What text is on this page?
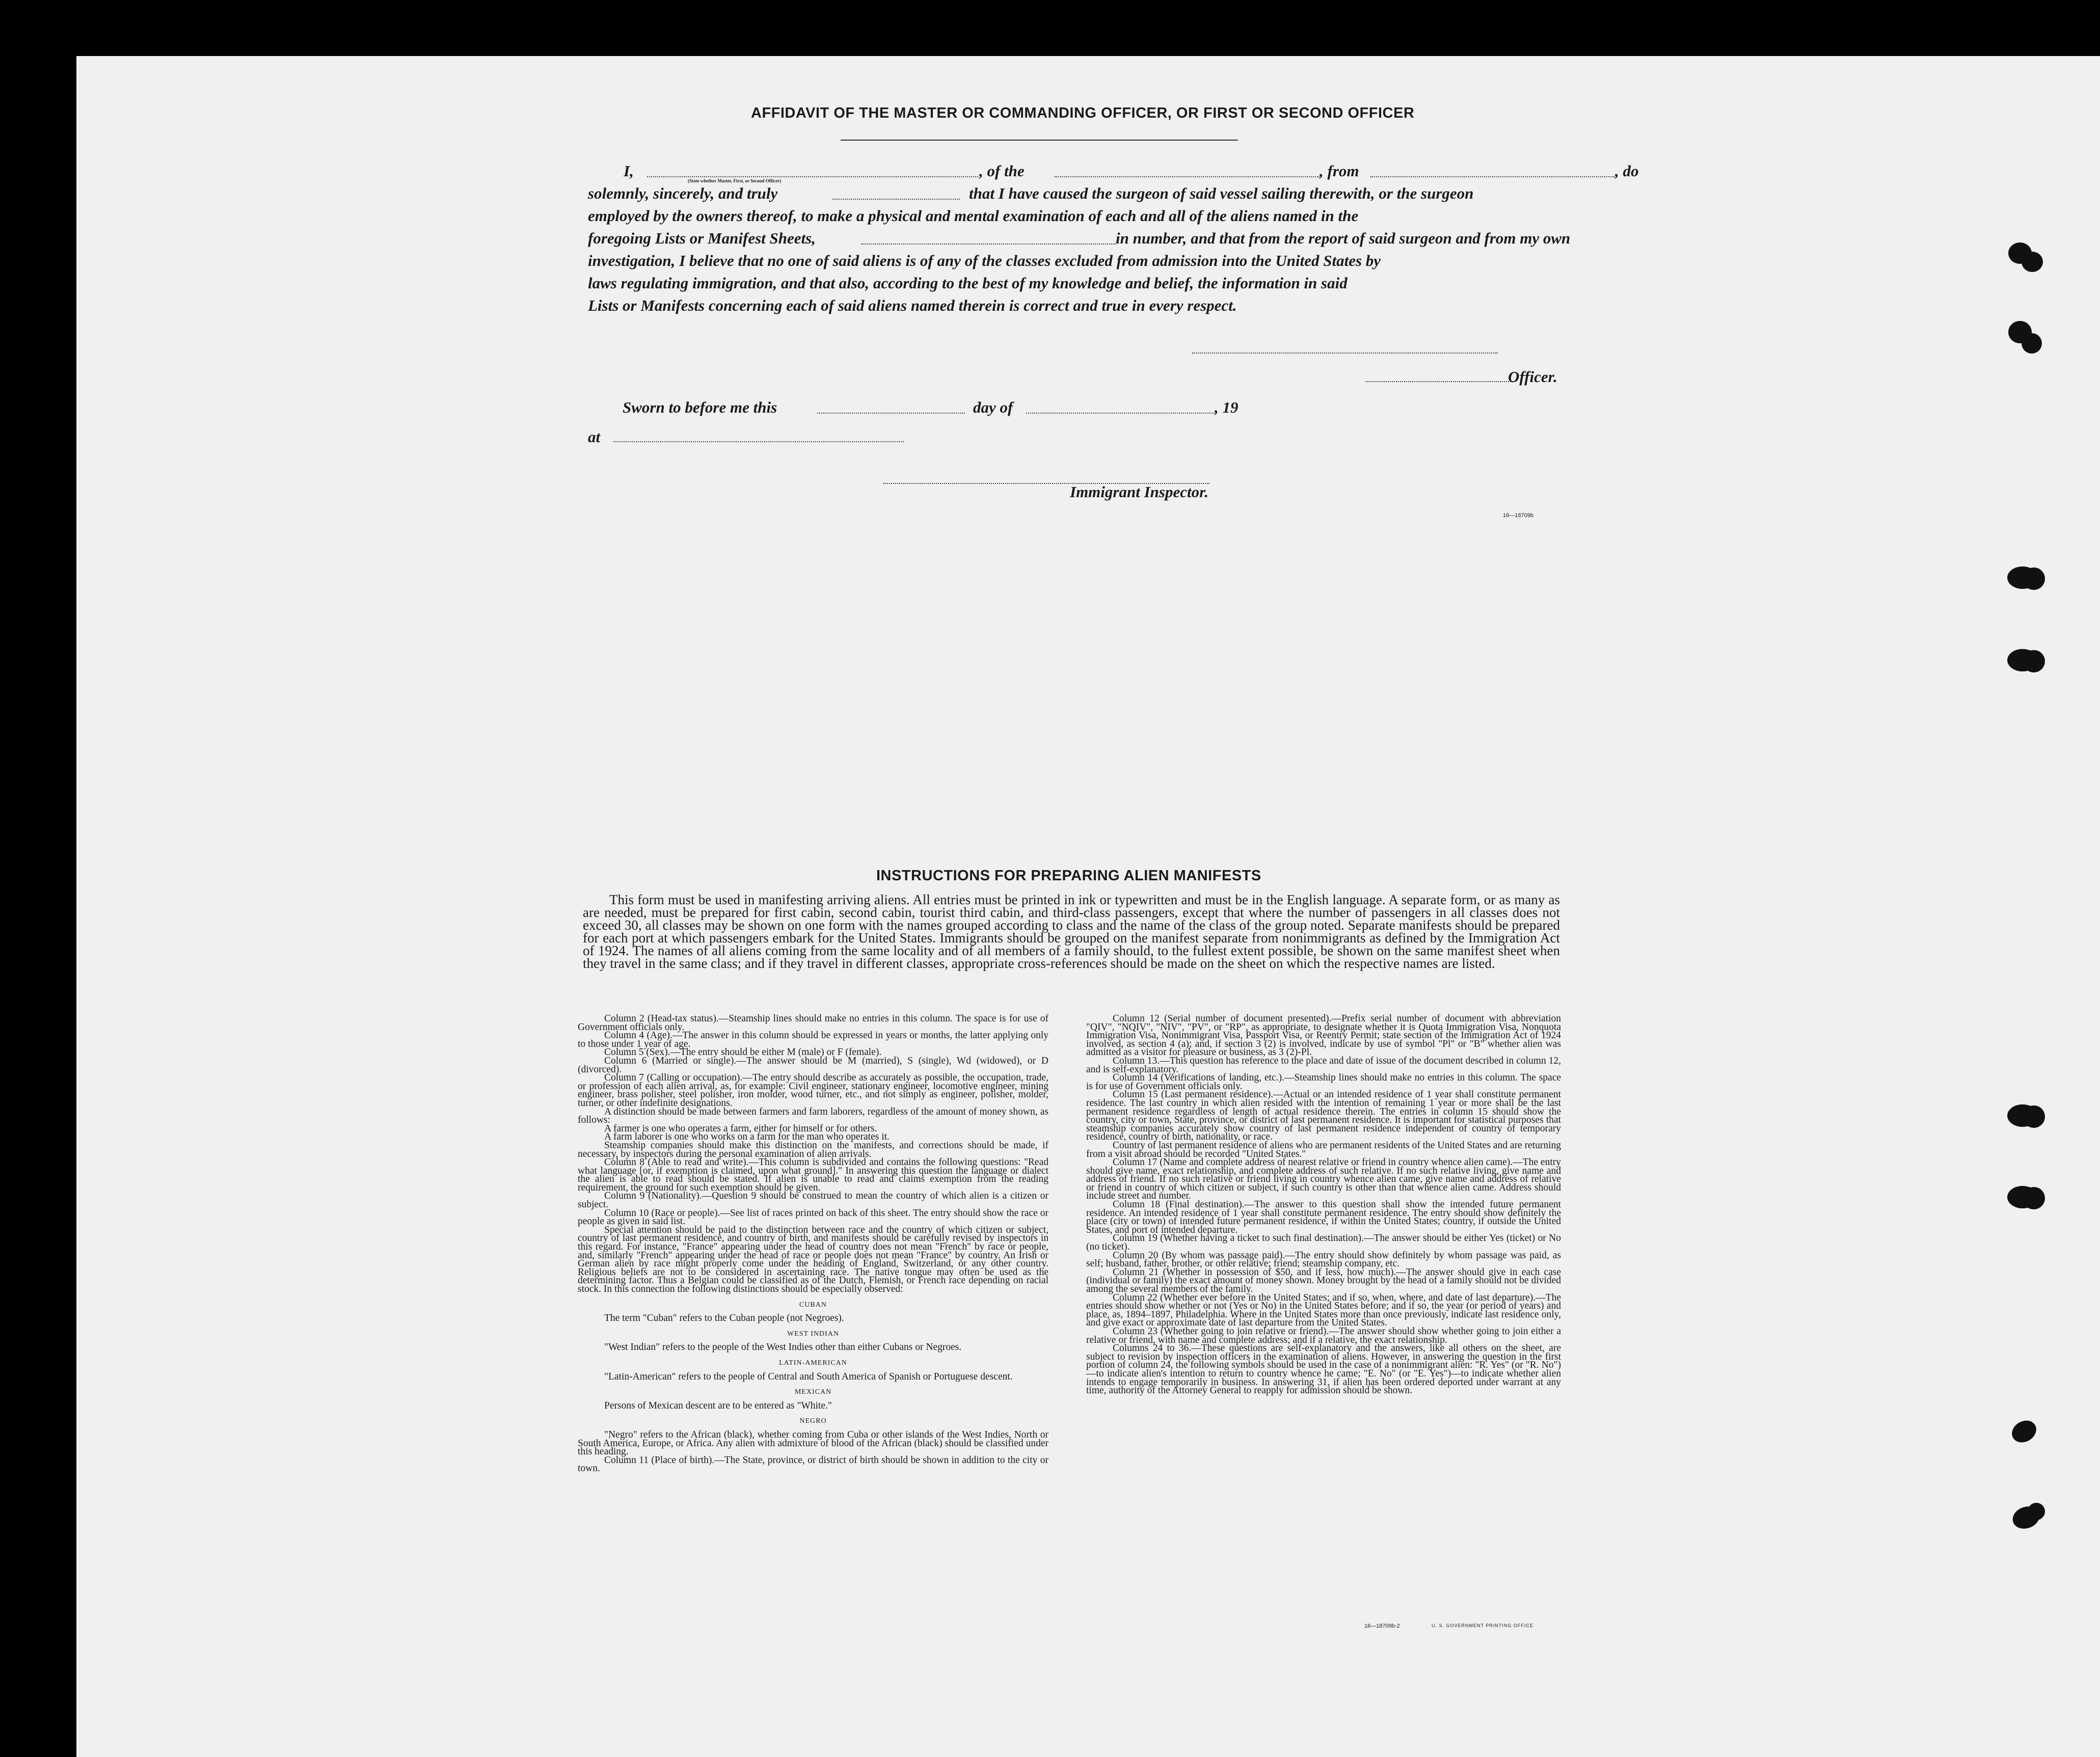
AFFIDAVIT OF THE MASTER OR COMMANDING OFFICER, OR FIRST OR SECOND OFFICER
I,
(State whether Master, First, or Second Officer)
, of the	, from	, do
solemnly, sincerely, and truly	that I have caused the surgeon of said vessel sailing therewith, or the surgeon
employed by the owners thereof, to make a physical and mental examination of each and all of the aliens named in the
foregoing Lists or Manifest Sheets,	in number, and that from the report of said surgeon and from my own
investigation, I believe that no one of said aliens is of any of the classes excluded from admission into the United States by
laws regulating immigration, and that also, according to the best of my knowledge and belief, the information in said
Lists or Manifests concerning each of said aliens named therein is correct and true in every respect.
Officer.
Sworn to before me this	day of	, 19
at
Immigrant Inspector.
16—18709b
INSTRUCTIONS FOR PREPARING ALIEN MANIFESTS

This form must be used in manifesting arriving aliens. All entries must be printed in ink or typewritten and must be in the English language. A separate form, or as many as are needed, must be prepared for first cabin, second cabin, tourist third cabin, and third-class passengers, except that where the number of passengers in all classes does not exceed 30, all classes may be shown on one form with the names grouped according to class and the name of the class of the group noted. Separate manifests should be prepared for each port at which passengers embark for the United States. Immigrants should be grouped on the manifest separate from nonimmigrants as defined by the Immigration Act of 1924. The names of all aliens coming from the same locality and of all members of a family should, to the fullest extent possible, be shown on the same manifest sheet when they travel in the same class; and if they travel in different classes, appropriate cross-references should be made on the sheet on which the respective names are listed.

Column 2 (Head-tax status).—Steamship lines should make no entries in this column. The space is for use of Government officials only.

Column 4 (Age).—The answer in this column should be expressed in years or months, the latter applying only to those under 1 year of age.

Column 5 (Sex).—The entry should be either M (male) or F (female).

Column 6 (Married or single).—The answer should be M (married), S (single), Wd (widowed), or D (divorced).

Column 7 (Calling or occupation).—The entry should describe as accurately as possible, the occupation, trade, or profession of each alien arrival, as, for example: Civil engineer, stationary engineer, locomotive engineer, mining engineer, brass polisher, steel polisher, iron molder, wood turner, etc., and not simply as engineer, polisher, molder, turner, or other indefinite designations.

A distinction should be made between farmers and farm laborers, regardless of the amount of money shown, as follows:

A farmer is one who operates a farm, either for himself or for others.

A farm laborer is one who works on a farm for the man who operates it.

Steamship companies should make this distinction on the manifests, and corrections should be made, if necessary, by inspectors during the personal examination of alien arrivals.

Column 8 (Able to read and write).—This column is subdivided and contains the following questions: "Read what language [or, if exemption is claimed, upon what ground]." In answering this question the language or dialect the alien is able to read should be stated. If alien is unable to read and claims exemption from the reading requirement, the ground for such exemption should be given.

Column 9 (Nationality).—Question 9 should be construed to mean the country of which alien is a citizen or subject.

Column 10 (Race or people).—See list of races printed on back of this sheet. The entry should show the race or people as given in said list.

Special attention should be paid to the distinction between race and the country of which citizen or subject, country of last permanent residence, and country of birth, and manifests should be carefully revised by inspectors in this regard. For instance, "France" appearing under the head of country does not mean "French" by race or people, and, similarly "French" appearing under the head of race or people does not mean "France" by country. An Irish or German alien by race might properly come under the heading of England, Switzerland, or any other country. Religious beliefs are not to be considered in ascertaining race. The native tongue may often be used as the determining factor. Thus a Belgian could be classified as of the Dutch, Flemish, or French race depending on racial stock. In this connection the following distinctions should be especially observed:

CUBAN

The term "Cuban" refers to the Cuban people (not Negroes).

WEST INDIAN

"West Indian" refers to the people of the West Indies other than either Cubans or Negroes.

LATIN-AMERICAN

"Latin-American" refers to the people of Central and South America of Spanish or Portuguese descent.

MEXICAN

Persons of Mexican descent are to be entered as "White."

NEGRO

"Negro" refers to the African (black), whether coming from Cuba or other islands of the West Indies, North or South America, Europe, or Africa. Any alien with admixture of blood of the African (black) should be classified under this heading.

Column 11 (Place of birth).—The State, province, or district of birth should be shown in addition to the city or town.

Column 12 (Serial number of document presented).—Prefix serial number of document with abbreviation "QIV", "NQIV", "NIV", "PV", or "RP", as appropriate, to designate whether it is Quota Immigration Visa, Nonquota Immigration Visa, Nonimmigrant Visa, Passport Visa, or Reentry Permit; state section of the Immigration Act of 1924 involved, as section 4 (a); and, if section 3 (2) is involved, indicate by use of symbol "Pl" or "B" whether alien was admitted as a visitor for pleasure or business, as 3 (2)-Pl.

Column 13.—This question has reference to the place and date of issue of the document described in column 12, and is self-explanatory.

Column 14 (Verifications of landing, etc.).—Steamship lines should make no entries in this column. The space is for use of Government officials only.

Column 15 (Last permanent residence).—Actual or an intended residence of 1 year shall constitute permanent residence. The last country in which alien resided with the intention of remaining 1 year or more shall be the last permanent residence regardless of length of actual residence therein. The entries in column 15 should show the country, city or town, State, province, or district of last permanent residence. It is important for statistical purposes that steamship companies accurately show country of last permanent residence independent of country of temporary residence, country of birth, nationality, or race.

Country of last permanent residence of aliens who are permanent residents of the United States and are returning from a visit abroad should be recorded "United States."

Column 17 (Name and complete address of nearest relative or friend in country whence alien came).—The entry should give name, exact relationship, and complete address of such relative. If no such relative living, give name and address of friend. If no such relative or friend living in country whence alien came, give name and address of relative or friend in country of which citizen or subject, if such country is other than that whence alien came. Address should include street and number.

Column 18 (Final destination).—The answer to this question shall show the intended future permanent residence. An intended residence of 1 year shall constitute permanent residence. The entry should show definitely the place (city or town) of intended future permanent residence, if within the United States; country, if outside the United States, and port of intended departure.

Column 19 (Whether having a ticket to such final destination).—The answer should be either Yes (ticket) or No (no ticket).

Column 20 (By whom was passage paid).—The entry should show definitely by whom passage was paid, as self; husband, father, brother, or other relative; friend; steamship company, etc.

Column 21 (Whether in possession of $50, and if less, how much).—The answer should give in each case (individual or family) the exact amount of money shown. Money brought by the head of a family should not be divided among the several members of the family.

Column 22 (Whether ever before in the United States; and if so, when, where, and date of last departure).—The entries should show whether or not (Yes or No) in the United States before; and if so, the year (or period of years) and place, as, 1894–1897, Philadelphia. Where in the United States more than once previously, indicate last residence only, and give exact or approximate date of last departure from the United States.

Column 23 (Whether going to join relative or friend).—The answer should show whether going to join either a relative or friend, with name and complete address; and if a relative, the exact relationship.

Columns 24 to 36.—These questions are self-explanatory and the answers, like all others on the sheet, are subject to revision by inspection officers in the examination of aliens. However, in answering the question in the first portion of column 24, the following symbols should be used in the case of a nonimmigrant alien: "R. Yes" (or "R. No")—to indicate alien's intention to return to country whence he came; "E. No" (or "E. Yes")—to indicate whether alien intends to engage temporarily in business. In answering 31, if alien has been ordered deported under warrant at any time, authority of the Attorney General to reapply for admission should be shown.

16—18709b-2	U. S. GOVERNMENT PRINTING OFFICE
